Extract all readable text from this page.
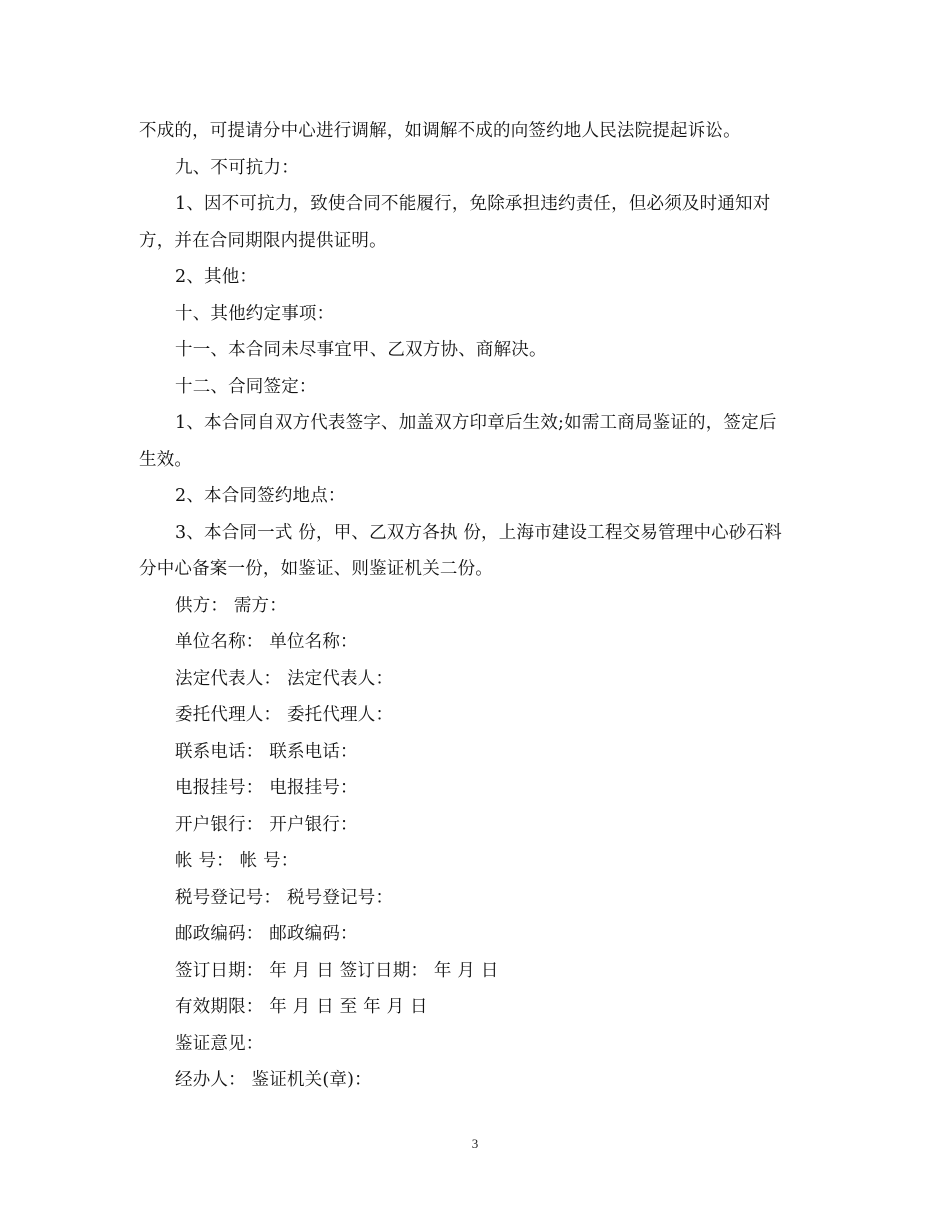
不成的，可提请分中心进行调解，如调解不成的向签约地人民法院提起诉讼。
九、不可抗力：
1、因不可抗力，致使合同不能履行，免除承担违约责任，但必须及时通知对
方，并在合同期限内提供证明。
2、其他：
十、其他约定事项：
十一、本合同未尽事宜甲、乙双方协、商解决。
十二、合同签定：
1、本合同自双方代表签字、加盖双方印章后生效;如需工商局鉴证的，签定后
生效。
2、本合同签约地点：
3、本合同一式 份，甲、乙双方各执 份，上海市建设工程交易管理中心砂石料
分中心备案一份，如鉴证、则鉴证机关二份。
供方： 需方：
单位名称： 单位名称：
法定代表人： 法定代表人：
委托代理人： 委托代理人：
联系电话： 联系电话：
电报挂号： 电报挂号：
开户银行： 开户银行：
帐 号： 帐 号：
税号登记号： 税号登记号：
邮政编码： 邮政编码：
签订日期： 年 月 日 签订日期： 年 月 日
有效期限： 年 月 日 至 年 月 日
鉴证意见：
经办人： 鉴证机关(章)：
3
